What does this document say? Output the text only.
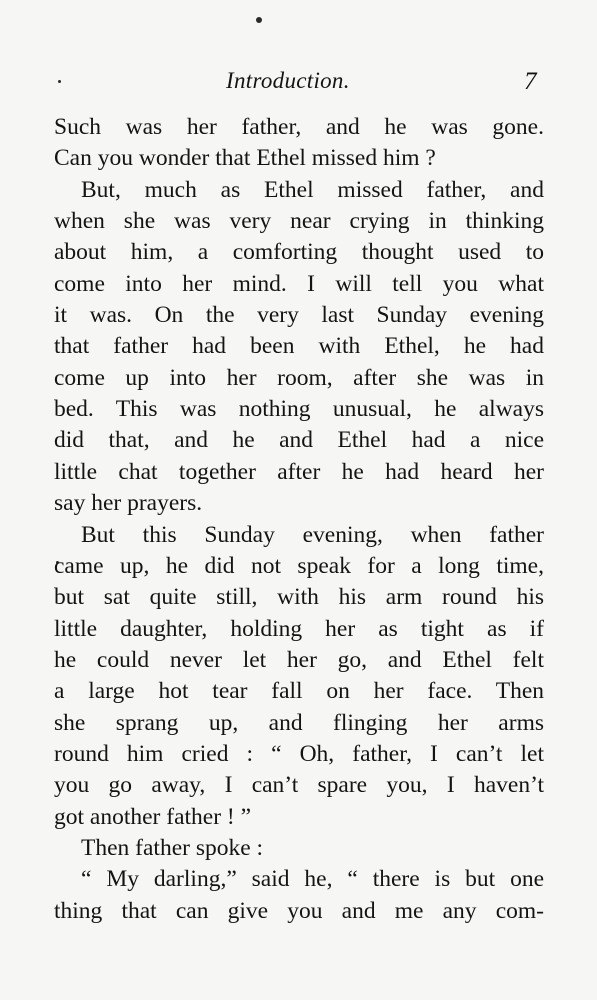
Introduction.	7
Such was her father, and he was gone.
Can you wonder that Ethel missed him ?
But, much as Ethel missed father, and
when she was very near crying in thinking
about him, a comforting thought used to
come into her mind. I will tell you what
it was. On the very last Sunday evening
that father had been with Ethel, he had
come up into her room, after she was in
bed. This was nothing unusual, he always
did that, and he and Ethel had a nice
little chat together after he had heard her
say her prayers.
But this Sunday evening, when father
came up, he did not speak for a long time,
but sat quite still, with his arm round his
little daughter, holding her as tight as if
he could never let her go, and Ethel felt
a large hot tear fall on her face. Then
she sprang up, and flinging her arms
round him cried : “ Oh, father, I can’t let
you go away, I can’t spare you, I haven’t
got another father ! ”
Then father spoke :
“ My darling,” said he, “ there is but one
thing that can give you and me any com-
